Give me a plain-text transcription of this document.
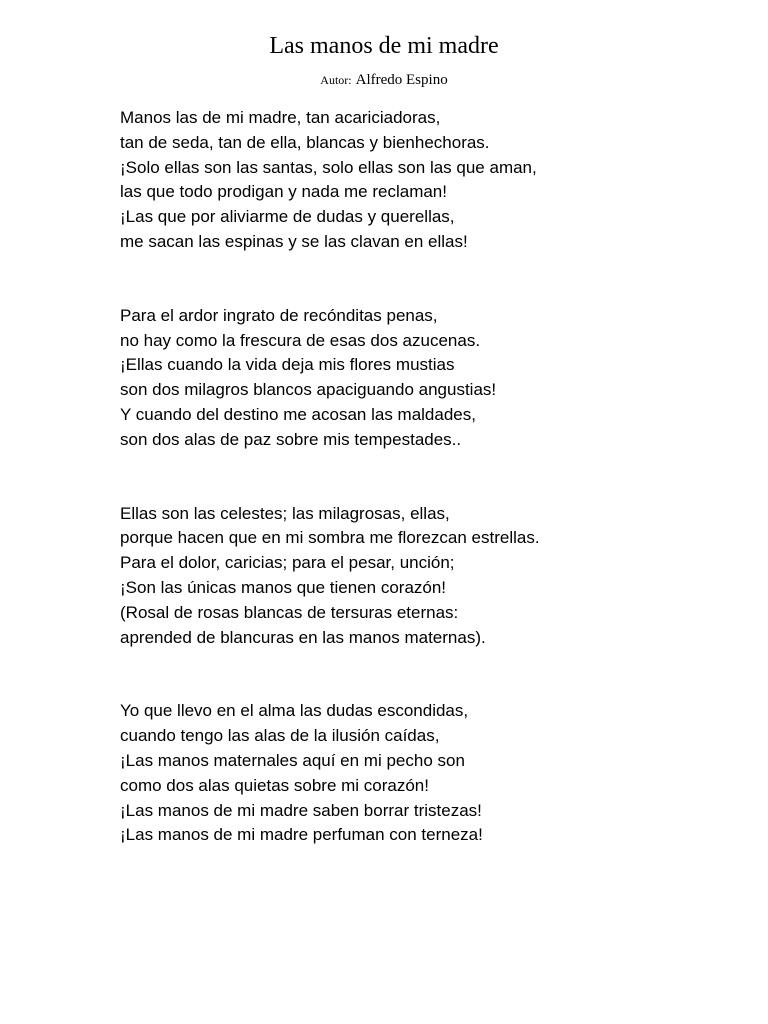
Las manos de mi madre
Autor: Alfredo Espino
Manos las de mi madre, tan acariciadoras,
tan de seda, tan de ella, blancas y bienhechoras.
¡Solo ellas son las santas, solo ellas son las que aman,
las que todo prodigan y nada me reclaman!
¡Las que por aliviarme de dudas y querellas,
me sacan las espinas y se las clavan en ellas!
Para el ardor ingrato de recónditas penas,
no hay como la frescura de esas dos azucenas.
¡Ellas cuando la vida deja mis flores mustias
son dos milagros blancos apaciguando angustias!
Y cuando del destino me acosan las maldades,
son dos alas de paz sobre mis tempestades..
Ellas son las celestes; las milagrosas, ellas,
porque hacen que en mi sombra me florezcan estrellas.
Para el dolor, caricias; para el pesar, unción;
¡Son las únicas manos que tienen corazón!
(Rosal de rosas blancas de tersuras eternas:
aprended de blancuras en las manos maternas).
Yo que llevo en el alma las dudas escondidas,
cuando tengo las alas de la ilusión caídas,
¡Las manos maternales aquí en mi pecho son
como dos alas quietas sobre mi corazón!
¡Las manos de mi madre saben borrar tristezas!
¡Las manos de mi madre perfuman con terneza!
